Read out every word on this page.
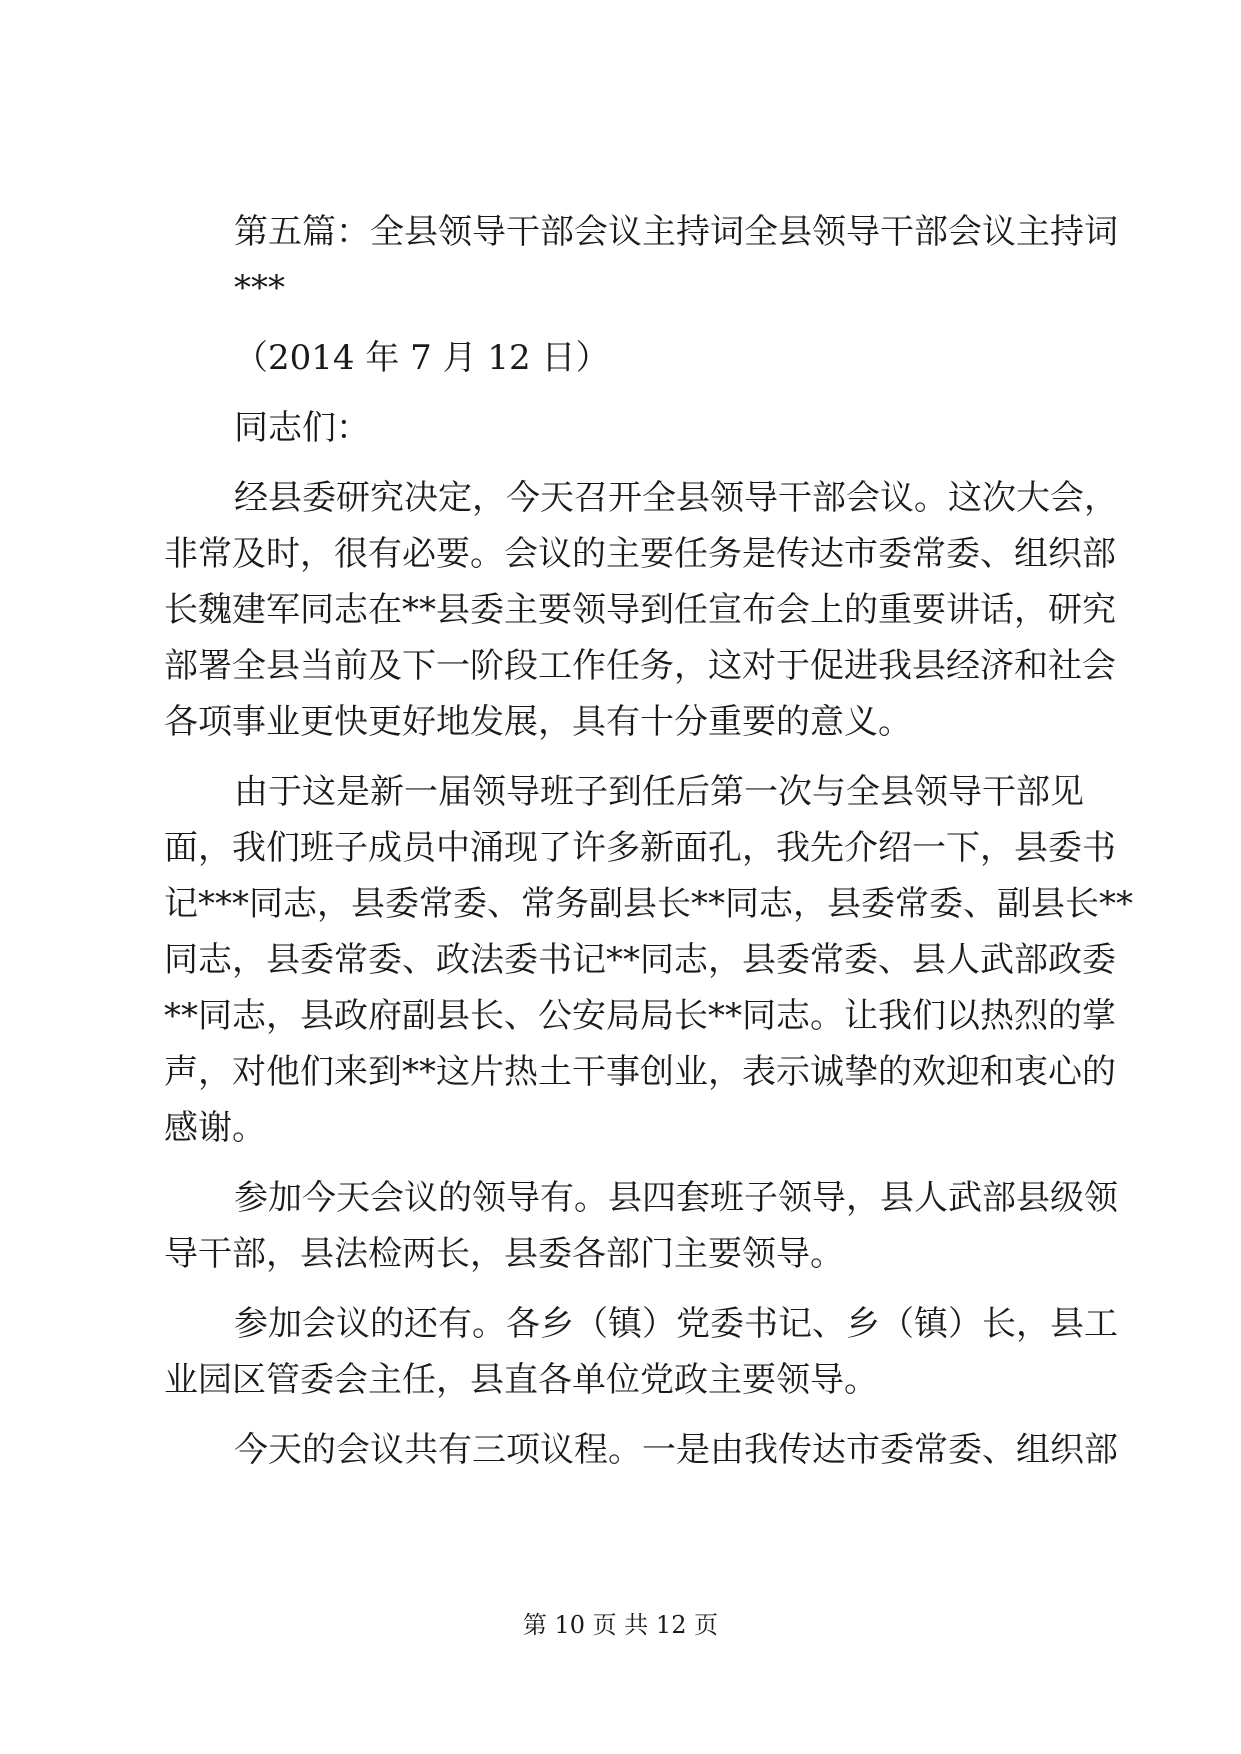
第五篇：全县领导干部会议主持词全县领导干部会议主持词
***
（2014 年 7 月 12 日）
同志们：
经县委研究决定，今天召开全县领导干部会议。这次大会，
非常及时，很有必要。会议的主要任务是传达市委常委、组织部
长魏建军同志在**县委主要领导到任宣布会上的重要讲话，研究
部署全县当前及下一阶段工作任务，这对于促进我县经济和社会
各项事业更快更好地发展，具有十分重要的意义。
由于这是新一届领导班子到任后第一次与全县领导干部见
面，我们班子成员中涌现了许多新面孔，我先介绍一下，县委书
记***同志，县委常委、常务副县长**同志，县委常委、副县长**
同志，县委常委、政法委书记**同志，县委常委、县人武部政委
**同志，县政府副县长、公安局局长**同志。让我们以热烈的掌
声，对他们来到**这片热土干事创业，表示诚挚的欢迎和衷心的
感谢。
参加今天会议的领导有。县四套班子领导，县人武部县级领
导干部，县法检两长，县委各部门主要领导。
参加会议的还有。各乡（镇）党委书记、乡（镇）长，县工
业园区管委会主任，县直各单位党政主要领导。
今天的会议共有三项议程。一是由我传达市委常委、组织部
第 10 页 共 12 页
